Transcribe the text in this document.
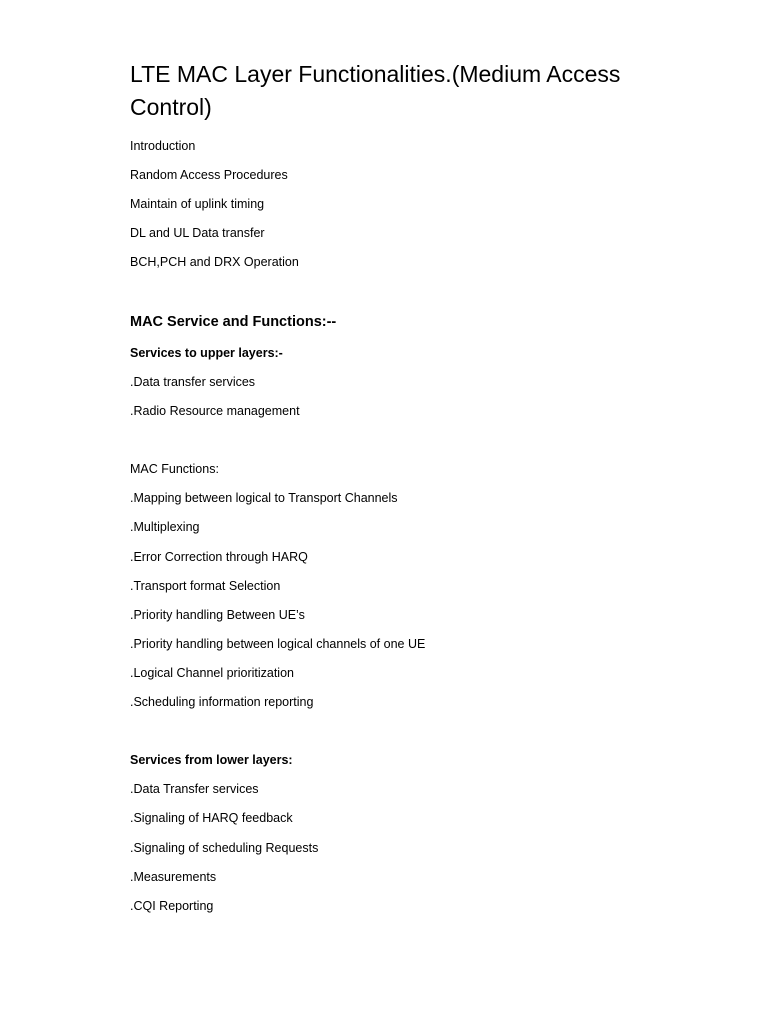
LTE MAC Layer Functionalities.(Medium Access Control)

Introduction

Random Access Procedures

Maintain of uplink timing

DL and UL Data transfer

BCH,PCH and DRX Operation

MAC Service and Functions:--

Services to upper layers:-

.Data transfer services

.Radio Resource management

MAC Functions:

.Mapping between logical to Transport Channels

.Multiplexing

.Error Correction through HARQ

.Transport format Selection

.Priority handling Between UE’s

.Priority handling between logical channels of one UE

.Logical Channel prioritization

.Scheduling information reporting

Services from lower layers:

.Data Transfer services

.Signaling of HARQ feedback

.Signaling of scheduling Requests

.Measurements

.CQI Reporting
